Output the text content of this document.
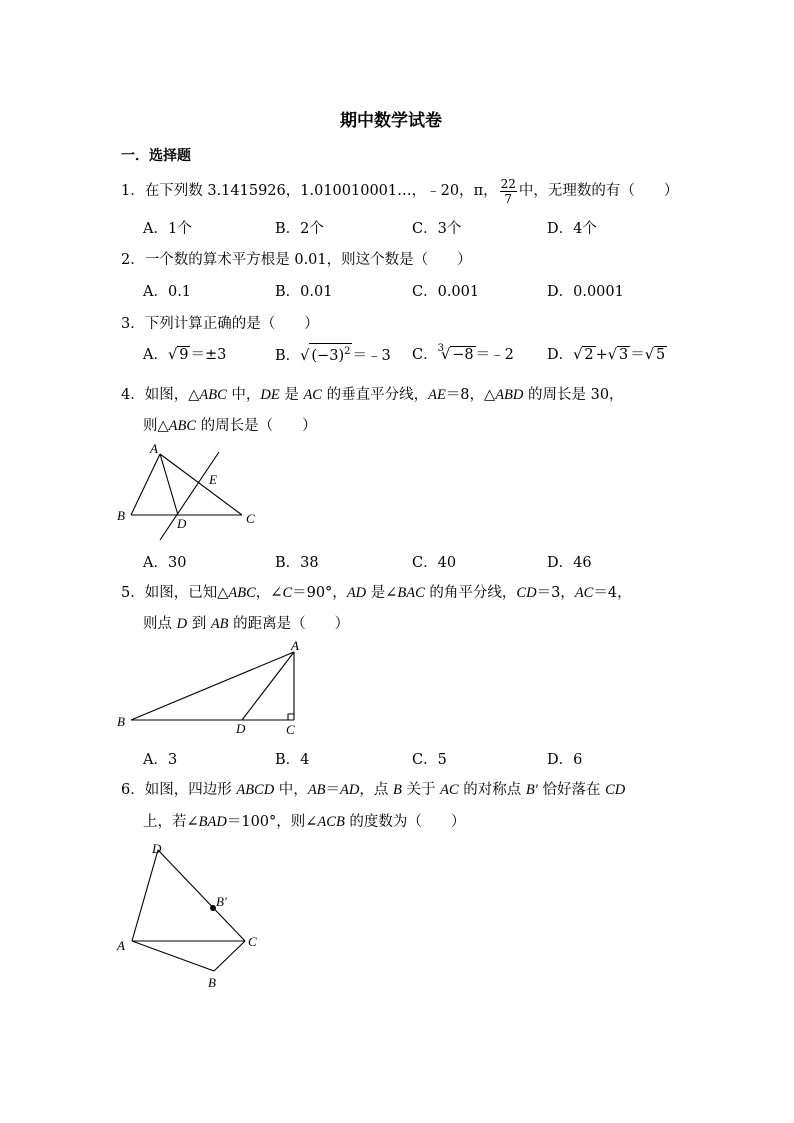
期中数学试卷
一．选择题
1．在下列数 3.1415926，1.010010001…，﹣20，π， $\frac{22}{7}$ 中，无理数的有（　　）
A．1个	B．2个	C．3个	D．4个
2．一个数的算术平方根是 0.01，则这个数是（　　）
A．0.1	B．0.01	C．0.001	D．0.0001
3．下列计算正确的是（　　）
A．√ 9 ＝±3	B．√ $(-3)^2$ ＝﹣3 C．$^3$√ −8 ＝﹣2 D．√ 2 +√ 3 ＝√ 5
4．如图，△ABC 中，DE 是 AC 的垂直平分线，AE＝8，△ABD 的周长是 30，
则△ABC 的周长是（　　）
A
B	C
D
E
A．30	B．38	C．40	D．46
5．如图，已知△ABC，∠C＝90°，AD 是∠BAC 的角平分线，CD＝3，AC＝4，
则点 D 到 AB 的距离是（　　）
A
B	D	C
A．3	B．4	C．5	D．6
6．如图，四边形 ABCD 中，AB＝AD，点 B 关于 AC 的对称点 B′ 恰好落在 CD
上，若∠BAD＝100°，则∠ACB 的度数为（　　）
D
B′
A	C
B
